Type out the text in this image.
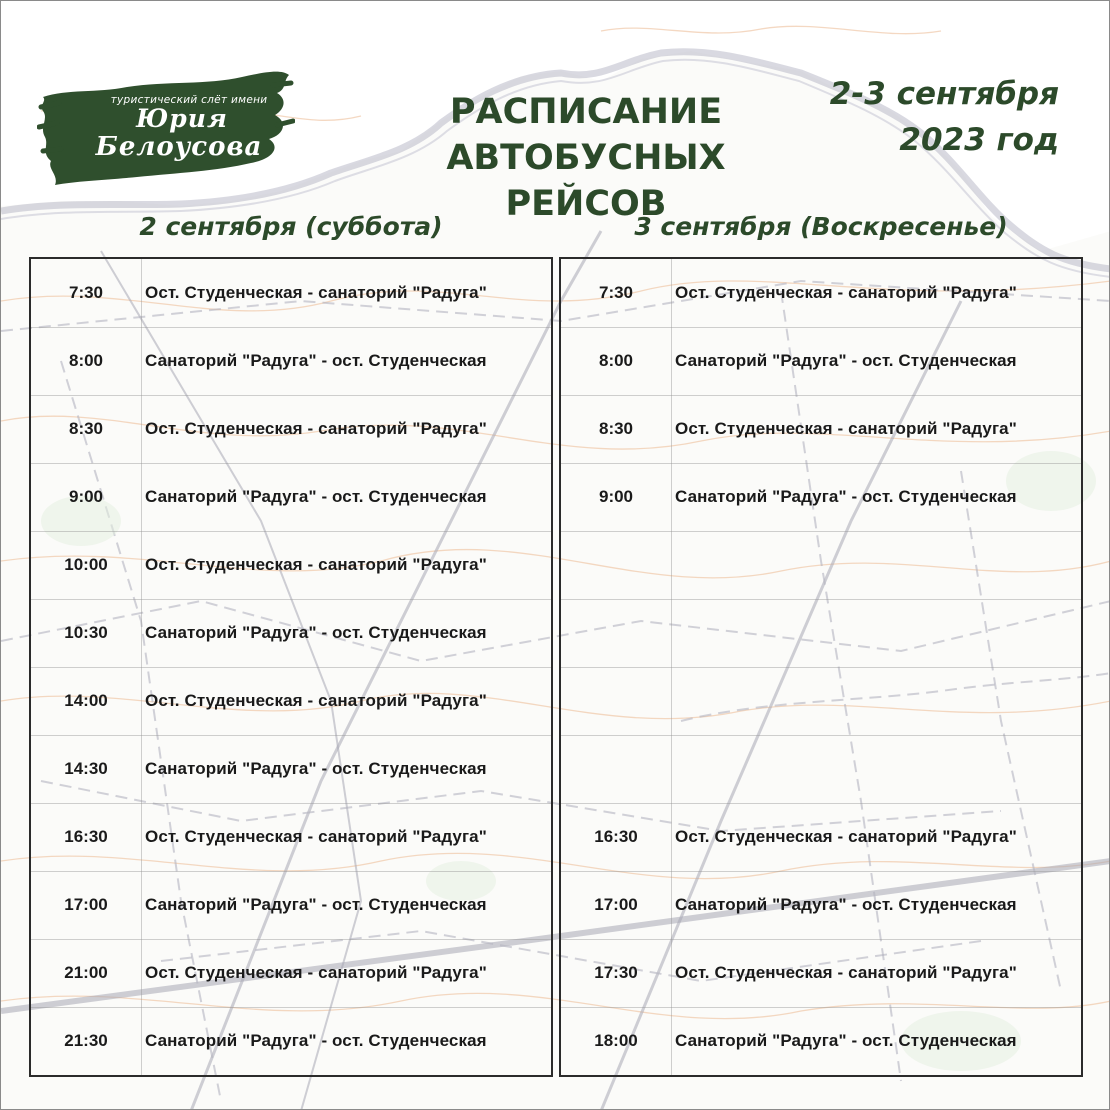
туристический слёт имени
Юрия
Белоусова
РАСПИСАНИЕ
АВТОБУСНЫХ РЕЙСОВ
2-3 сентября
2023 год
2 сентября (суббота)	3 сентября (Воскресенье)
7:30	Ост. Студенческая - санаторий "Радуга"
8:00	Санаторий "Радуга" - ост. Студенческая
8:30	Ост. Студенческая - санаторий "Радуга"
9:00	Санаторий "Радуга" - ост. Студенческая
10:00	Ост. Студенческая - санаторий "Радуга"
10:30	Санаторий "Радуга" - ост. Студенческая
14:00	Ост. Студенческая - санаторий "Радуга"
14:30	Санаторий "Радуга" - ост. Студенческая
16:30	Ост. Студенческая - санаторий "Радуга"
17:00	Санаторий "Радуга" - ост. Студенческая
21:00	Ост. Студенческая - санаторий "Радуга"
21:30	Санаторий "Радуга" - ост. Студенческая
7:30	Ост. Студенческая - санаторий "Радуга"
8:00	Санаторий "Радуга" - ост. Студенческая
8:30	Ост. Студенческая - санаторий "Радуга"
9:00	Санаторий "Радуга" - ост. Студенческая
16:30	Ост. Студенческая - санаторий "Радуга"
17:00	Санаторий "Радуга" - ост. Студенческая
17:30	Ост. Студенческая - санаторий "Радуга"
18:00	Санаторий "Радуга" - ост. Студенческая
